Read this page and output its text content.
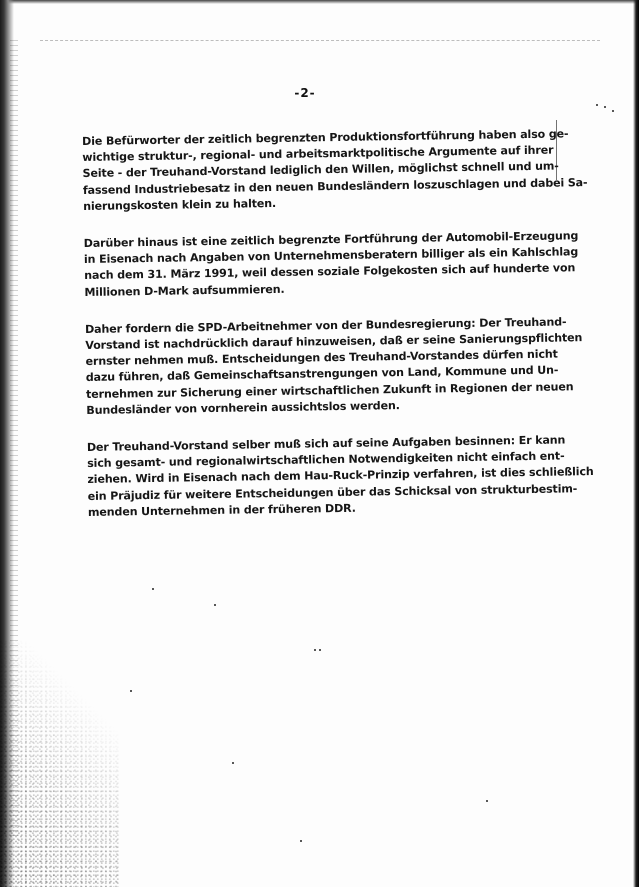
-2-

Die Befürworter der zeitlich begrenzten Produktionsfortführung haben also ge-
wichtige struktur-, regional- und arbeitsmarktpolitische Argumente auf ihrer
Seite - der Treuhand-Vorstand lediglich den Willen, möglichst schnell und um-
fassend Industriebesatz in den neuen Bundesländern loszuschlagen und dabei Sa-
nierungskosten klein zu halten.

Darüber hinaus ist eine zeitlich begrenzte Fortführung der Automobil-Erzeugung
in Eisenach nach Angaben von Unternehmensberatern billiger als ein Kahlschlag
nach dem 31. März 1991, weil dessen soziale Folgekosten sich auf hunderte von
Millionen D-Mark aufsummieren.

Daher fordern die SPD-Arbeitnehmer von der Bundesregierung: Der Treuhand-
Vorstand ist nachdrücklich darauf hinzuweisen, daß er seine Sanierungspflichten
ernster nehmen muß. Entscheidungen des Treuhand-Vorstandes dürfen nicht
dazu führen, daß Gemeinschaftsanstrengungen von Land, Kommune und Un-
ternehmen zur Sicherung einer wirtschaftlichen Zukunft in Regionen der neuen
Bundesländer von vornherein aussichtslos werden.

Der Treuhand-Vorstand selber muß sich auf seine Aufgaben besinnen: Er kann
sich gesamt- und regionalwirtschaftlichen Notwendigkeiten nicht einfach ent-
ziehen. Wird in Eisenach nach dem Hau-Ruck-Prinzip verfahren, ist dies schließlich
ein Präjudiz für weitere Entscheidungen über das Schicksal von strukturbestim-
menden Unternehmen in der früheren DDR.
